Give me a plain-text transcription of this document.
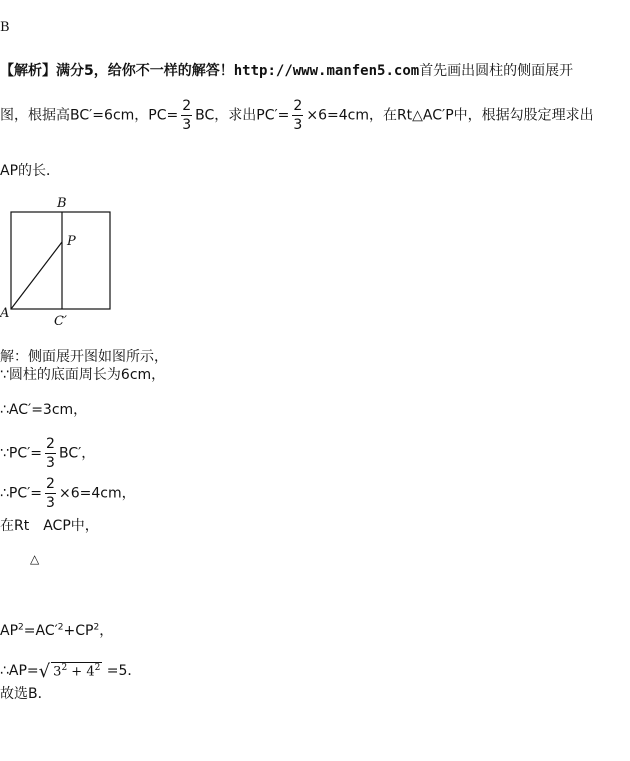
B
【解析】满分5，给你不一样的解答！http://www.manfen5.com首先画出圆柱的侧面展开
图，根据高BC′=6cm，$PC= \frac{2}{3}$ BC，求出$PC'= \frac{2}{3} \times 6=4cm$，在Rt△AC′P中，根据勾股定理求出
AP的长．
B
P
A
C′
解：侧面展开图如图所示，
∵圆柱的底面周长为6cm，
∴AC′=3cm，
∵PC′= $\frac{2}{3} BC'$，
∴PC′= $\frac{2}{3} \times 6=4cm$，
在Rt　ACP中，
△
$AP^2=AC'^2+CP^2$，
∴AP=√ $3^2 + 4^2 =5$．
故选B．
